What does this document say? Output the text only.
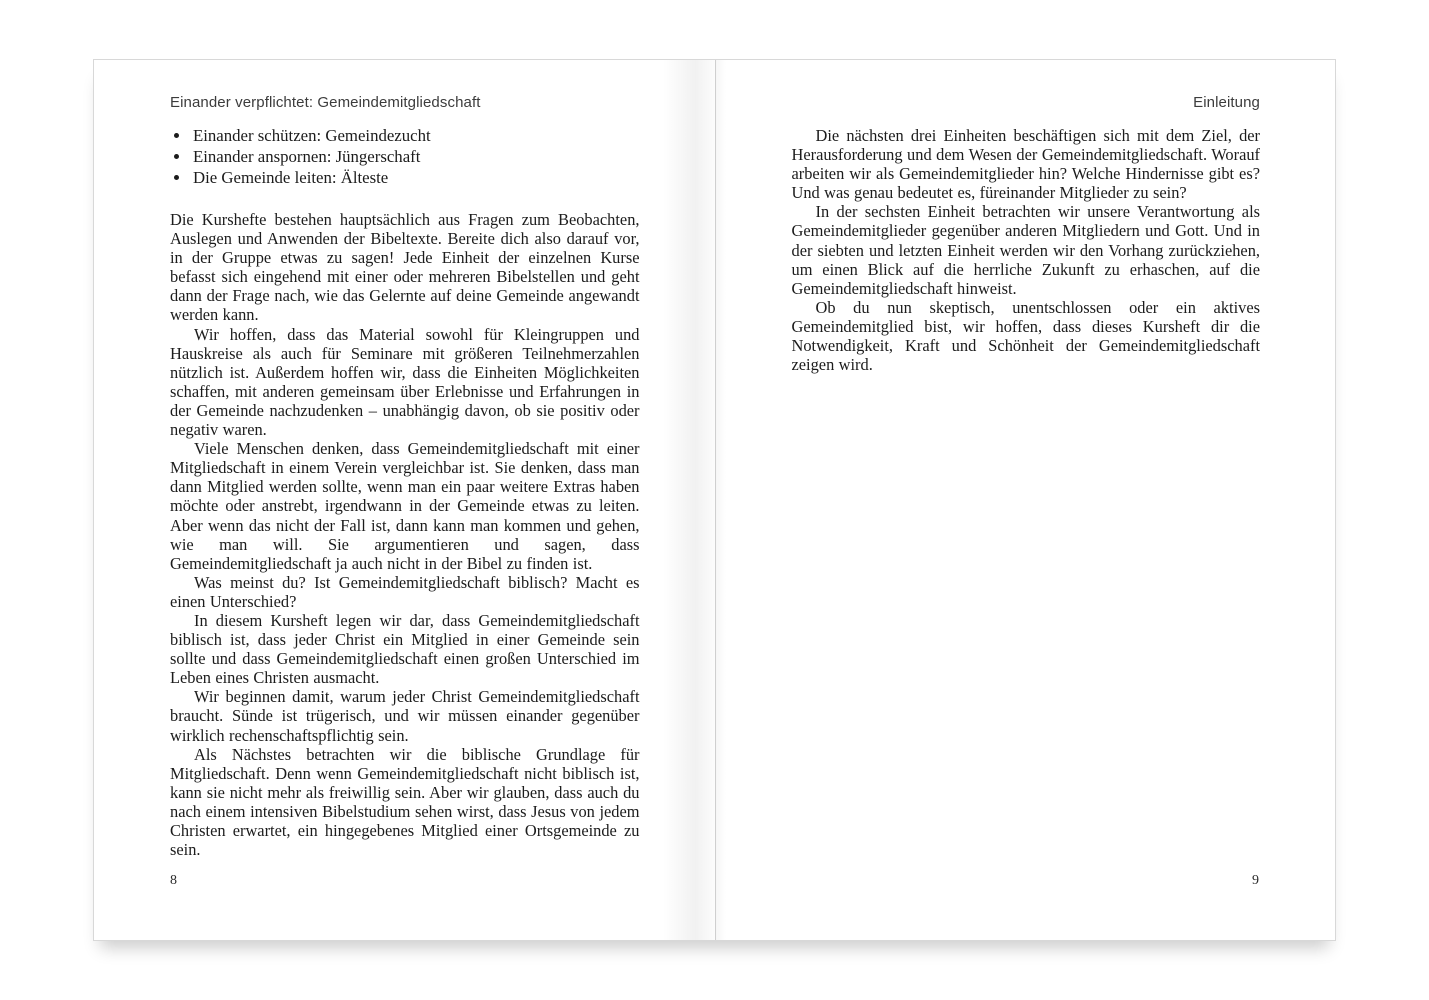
Einander verpflichtet: Gemeindemitgliedschaft
• Einander schützen: Gemeindezucht
• Einander anspornen: Jüngerschaft
• Die Gemeinde leiten: Älteste

Die Kurshefte bestehen hauptsächlich aus Fragen zum Beobachten, Auslegen und Anwenden der Bibeltexte. Bereite dich also darauf vor, in der Gruppe etwas zu sagen! Jede Einheit der einzelnen Kurse befasst sich eingehend mit einer oder mehreren Bibelstellen und geht dann der Frage nach, wie das Gelernte auf deine Gemeinde angewandt werden kann.

Wir hoffen, dass das Material sowohl für Kleingruppen und Hauskreise als auch für Seminare mit größeren Teilnehmerzahlen nützlich ist. Außerdem hoffen wir, dass die Einheiten Möglichkeiten schaffen, mit anderen gemeinsam über Erlebnisse und Erfahrungen in der Gemeinde nachzudenken – unabhängig davon, ob sie positiv oder negativ waren.

Viele Menschen denken, dass Gemeindemitgliedschaft mit einer Mitgliedschaft in einem Verein vergleichbar ist. Sie denken, dass man dann Mitglied werden sollte, wenn man ein paar weitere Extras haben möchte oder anstrebt, irgendwann in der Gemeinde etwas zu leiten. Aber wenn das nicht der Fall ist, dann kann man kommen und gehen, wie man will. Sie argumentieren und sagen, dass Gemeindemitgliedschaft ja auch nicht in der Bibel zu finden ist.

Was meinst du? Ist Gemeindemitgliedschaft biblisch? Macht es einen Unterschied?

In diesem Kursheft legen wir dar, dass Gemeindemitgliedschaft biblisch ist, dass jeder Christ ein Mitglied in einer Gemeinde sein sollte und dass Gemeindemitgliedschaft einen großen Unterschied im Leben eines Christen ausmacht.

Wir beginnen damit, warum jeder Christ Gemeindemitgliedschaft braucht. Sünde ist trügerisch, und wir müssen einander gegenüber wirklich rechenschaftspflichtig sein.

Als Nächstes betrachten wir die biblische Grundlage für Mitgliedschaft. Denn wenn Gemeindemitgliedschaft nicht biblisch ist, kann sie nicht mehr als freiwillig sein. Aber wir glauben, dass auch du nach einem intensiven Bibelstudium sehen wirst, dass Jesus von jedem Christen erwartet, ein hingegebenes Mitglied einer Ortsgemeinde zu sein.

8
Einleitung

Die nächsten drei Einheiten beschäftigen sich mit dem Ziel, der Herausforderung und dem Wesen der Gemeindemitgliedschaft. Worauf arbeiten wir als Gemeindemitglieder hin? Welche Hindernisse gibt es? Und was genau bedeutet es, füreinander Mitglieder zu sein?

In der sechsten Einheit betrachten wir unsere Verantwortung als Gemeindemitglieder gegenüber anderen Mitgliedern und Gott. Und in der siebten und letzten Einheit werden wir den Vorhang zurückziehen, um einen Blick auf die herrliche Zukunft zu erhaschen, auf die Gemeindemitgliedschaft hinweist.

Ob du nun skeptisch, unentschlossen oder ein aktives Gemeindemitglied bist, wir hoffen, dass dieses Kursheft dir die Notwendigkeit, Kraft und Schönheit der Gemeindemitgliedschaft zeigen wird.

9
